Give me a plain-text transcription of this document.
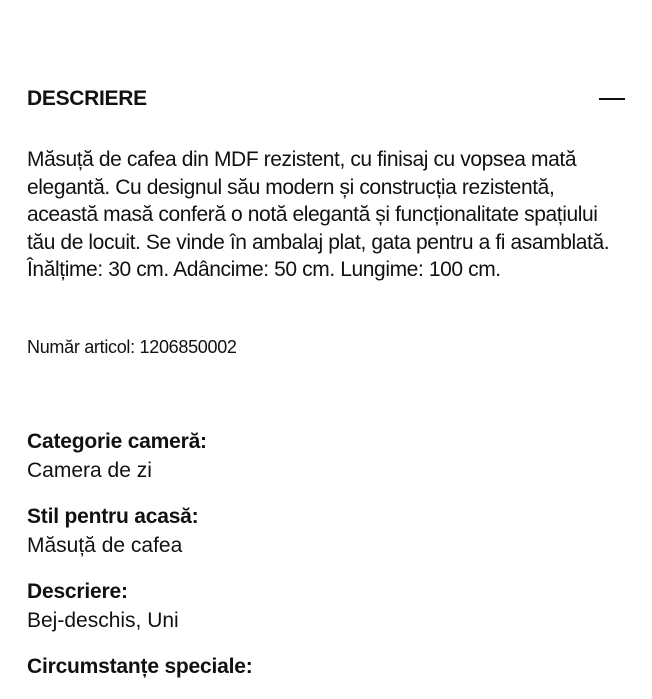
DESCRIERE
Măsuță de cafea din MDF rezistent, cu finisaj cu vopsea mată elegantă. Cu designul său modern și construcția rezistentă, această masă conferă o notă elegantă și funcționalitate spațiului tău de locuit. Se vinde în ambalaj plat, gata pentru a fi asamblată. Înălțime: 30 cm. Adâncime: 50 cm. Lungime: 100 cm.
Număr articol: 1206850002
Categorie cameră:
Camera de zi
Stil pentru acasă:
Măsuță de cafea
Descriere:
Bej-deschis, Uni
Circumstanțe speciale:
